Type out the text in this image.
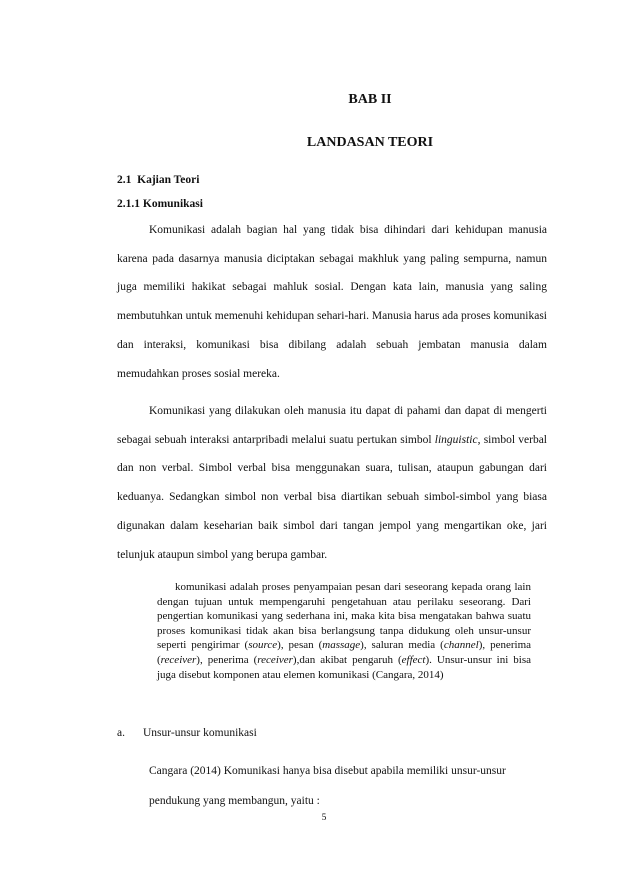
BAB II
LANDASAN TEORI
2.1  Kajian Teori
2.1.1 Komunikasi

Komunikasi adalah bagian hal yang tidak bisa dihindari dari kehidupan manusia karena pada dasarnya manusia diciptakan sebagai makhluk yang paling sempurna, namun juga memiliki hakikat sebagai mahluk sosial. Dengan kata lain, manusia yang saling membutuhkan untuk memenuhi kehidupan sehari-hari. Manusia harus ada proses komunikasi dan interaksi, komunikasi bisa dibilang adalah sebuah jembatan manusia dalam memudahkan proses sosial mereka.

Komunikasi yang dilakukan oleh manusia itu dapat di pahami dan dapat di mengerti sebagai sebuah interaksi antarpribadi melalui suatu pertukan simbol linguistic, simbol verbal dan non verbal. Simbol verbal bisa menggunakan suara, tulisan, ataupun gabungan dari keduanya. Sedangkan simbol non verbal bisa diartikan sebuah simbol-simbol yang biasa digunakan dalam keseharian baik simbol dari tangan jempol yang mengartikan oke, jari telunjuk ataupun simbol yang berupa gambar.

komunikasi adalah proses penyampaian pesan dari seseorang kepada orang lain dengan tujuan untuk mempengaruhi pengetahuan atau perilaku seseorang. Dari pengertian komunikasi yang sederhana ini, maka kita bisa mengatakan bahwa suatu proses komunikasi tidak akan bisa berlangsung tanpa didukung oleh unsur-unsur seperti pengirimar (source), pesan (massage), saluran media (channel), penerima (receiver), penerima (receiver),dan akibat pengaruh (effect). Unsur-unsur ini bisa juga disebut komponen atau elemen komunikasi (Cangara, 2014)

a. Unsur-unsur komunikasi

Cangara (2014) Komunikasi hanya bisa disebut apabila memiliki unsur-unsur
pendukung yang membangun, yaitu :

5
